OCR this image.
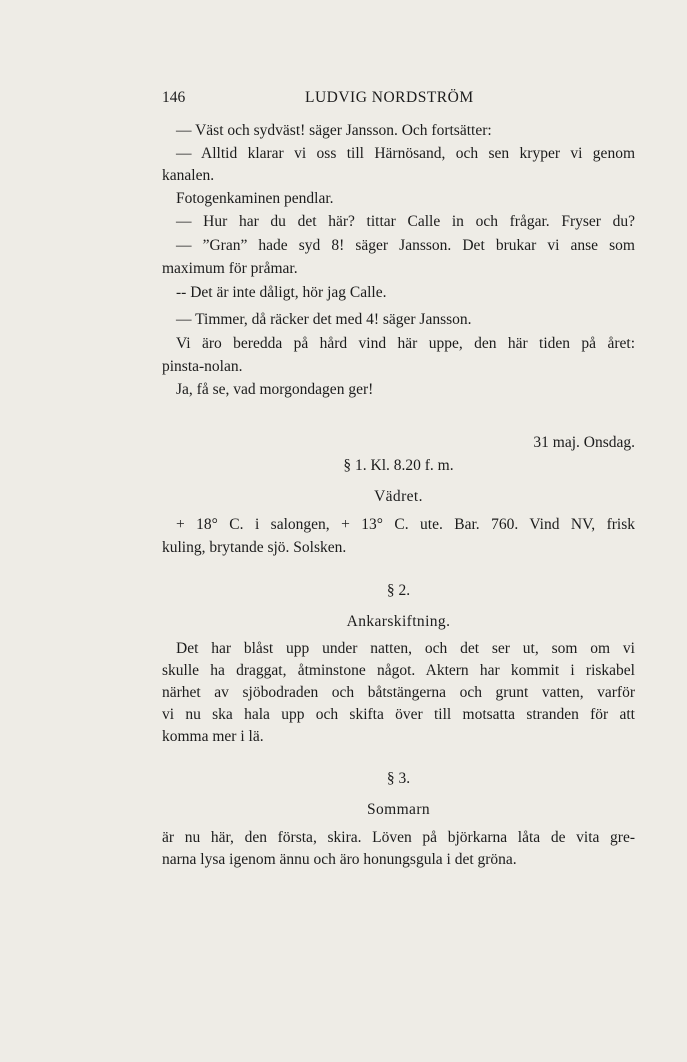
146	LUDVIG NORDSTRÖM
— Väst och sydväst! säger Jansson. Och fortsätter:
— Alltid klarar vi oss till Härnösand, och sen kryper vi genom
kanalen.
Fotogenkaminen pendlar.
— Hur har du det här? tittar Calle in och frågar. Fryser du?
— ”Gran” hade syd 8! säger Jansson. Det brukar vi anse som
maximum för pråmar.
-- Det är inte dåligt, hör jag Calle.
— Timmer, då räcker det med 4! säger Jansson.
Vi äro beredda på hård vind här uppe, den här tiden på året:
pinsta-nolan.
Ja, få se, vad morgondagen ger!
31 maj. Onsdag.
§ 1. Kl. 8.20 f. m.
Vädret.
+ 18° C. i salongen, + 13° C. ute. Bar. 760. Vind NV, frisk
kuling, brytande sjö. Solsken.
§ 2.
Ankarskiftning.
Det har blåst upp under natten, och det ser ut, som om vi
skulle ha draggat, åtminstone något. Aktern har kommit i riskabel
närhet av sjöbodraden och båtstängerna och grunt vatten, varför
vi nu ska hala upp och skifta över till motsatta stranden för att
komma mer i lä.
§ 3.
Sommarn
är nu här, den första, skira. Löven på björkarna låta de vita gre-
narna lysa igenom ännu och äro honungsgula i det gröna.
